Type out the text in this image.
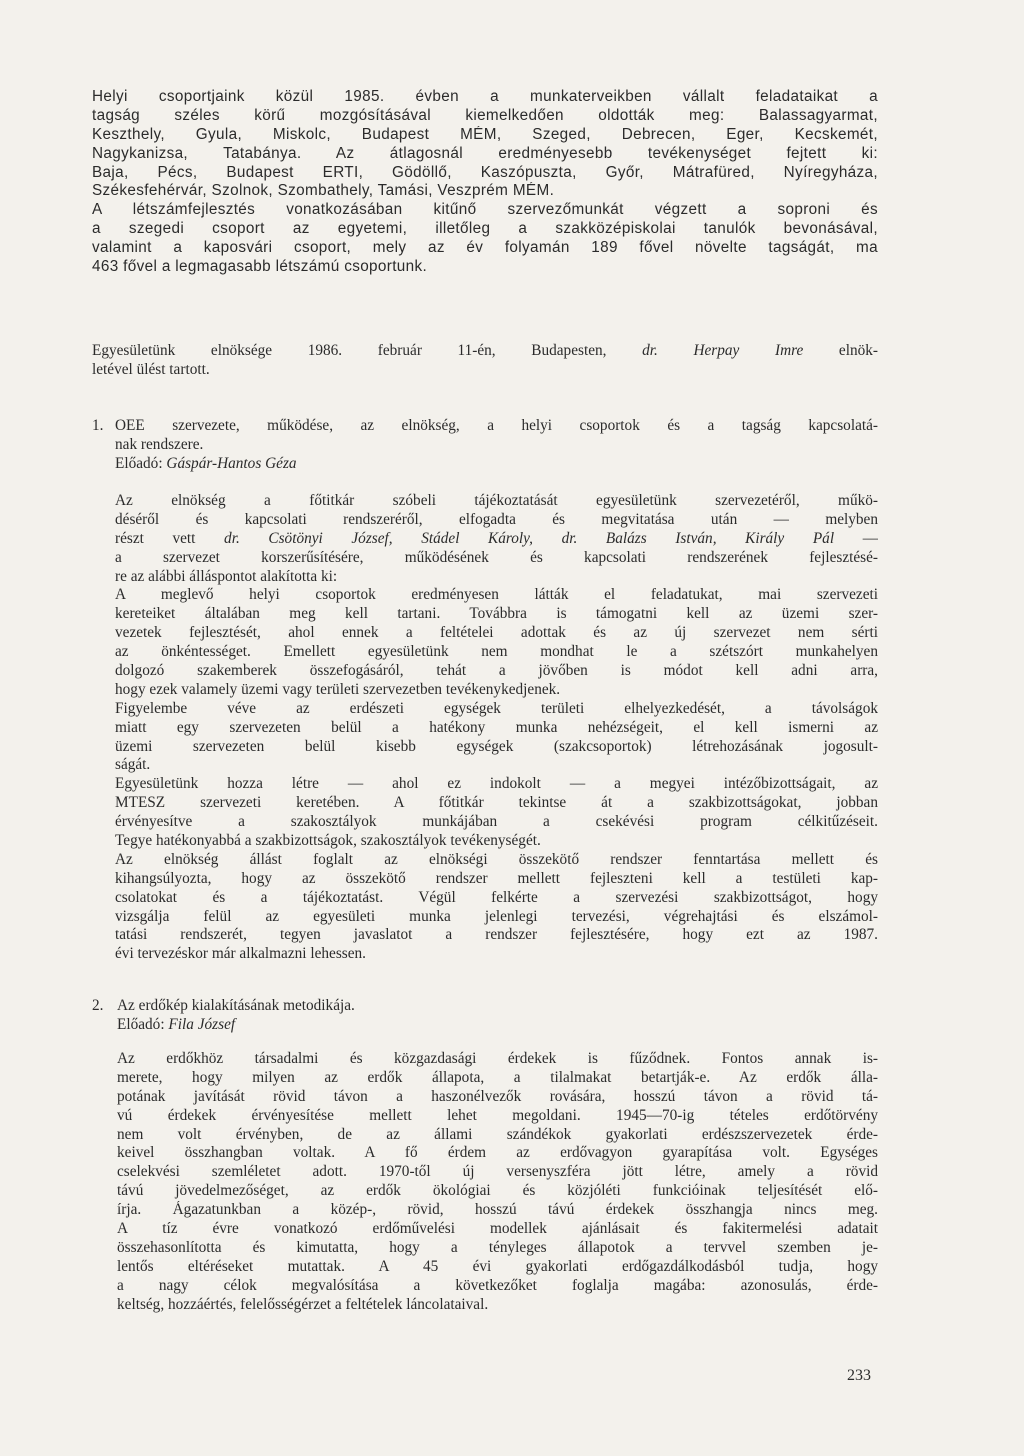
Helyi csoportjaink közül 1985. évben a munkaterveikben vállalt feladataikat a
tagság széles körű mozgósításával kiemelkedően oldották meg: Balassagyarmat,
Keszthely, Gyula, Miskolc, Budapest MÉM, Szeged, Debrecen, Eger, Kecskemét,
Nagykanizsa, Tatabánya. Az átlagosnál eredményesebb tevékenységet fejtett ki:
Baja, Pécs, Budapest ERTI, Gödöllő, Kaszópuszta, Győr, Mátrafüred, Nyíregyháza,
Székesfehérvár, Szolnok, Szombathely, Tamási, Veszprém MÉM.
A létszámfejlesztés vonatkozásában kitűnő szervezőmunkát végzett a soproni és
a szegedi csoport az egyetemi, illetőleg a szakközépiskolai tanulók bevonásával,
valamint a kaposvári csoport, mely az év folyamán 189 fővel növelte tagságát, ma
463 fővel a legmagasabb létszámú csoportunk.
Egyesületünk elnöksége 1986. február 11-én, Budapesten, dr. Herpay Imre elnök-
letével ülést tartott.
1. OEE szervezete, működése, az elnökség, a helyi csoportok és a tagság kapcsolatá-
nak rendszere.
Előadó: Gáspár-Hantos Géza
Az elnökség a főtitkár szóbeli tájékoztatását egyesületünk szervezetéről, műkö-
déséről és kapcsolati rendszeréről, elfogadta és megvitatása után — melyben
részt vett dr. Csötönyi József, Stádel Károly, dr. Balázs István, Király Pál —
a szervezet korszerűsítésére, működésének és kapcsolati rendszerének fejlesztésé-
re az alábbi álláspontot alakította ki:
A meglevő helyi csoportok eredményesen látták el feladatukat, mai szervezeti
kereteiket általában meg kell tartani. Továbbra is támogatni kell az üzemi szer-
vezetek fejlesztését, ahol ennek a feltételei adottak és az új szervezet nem sérti
az önkéntességet. Emellett egyesületünk nem mondhat le a szétszórt munkahelyen
dolgozó szakemberek összefogásáról, tehát a jövőben is módot kell adni arra,
hogy ezek valamely üzemi vagy területi szervezetben tevékenykedjenek.
Figyelembe véve az erdészeti egységek területi elhelyezkedését, a távolságok
miatt egy szervezeten belül a hatékony munka nehézségeit, el kell ismerni az
üzemi szervezeten belül kisebb egységek (szakcsoportok) létrehozásának jogosult-
ságát.
Egyesületünk hozza létre — ahol ez indokolt — a megyei intézőbizottságait, az
MTESZ szervezeti keretében. A főtitkár tekintse át a szakbizottságokat, jobban
érvényesítve a szakosztályok munkájában a csekévési program célkitűzéseit.
Tegye hatékonyabbá a szakbizottságok, szakosztályok tevékenységét.
Az elnökség állást foglalt az elnökségi összekötő rendszer fenntartása mellett és
kihangsúlyozta, hogy az összekötő rendszer mellett fejleszteni kell a testületi kap-
csolatokat és a tájékoztatást. Végül felkérte a szervezési szakbizottságot, hogy
vizsgálja felül az egyesületi munka jelenlegi tervezési, végrehajtási és elszámol-
tatási rendszerét, tegyen javaslatot a rendszer fejlesztésére, hogy ezt az 1987.
évi tervezéskor már alkalmazni lehessen.
2. Az erdőkép kialakításának metodikája.
Előadó: Fila József
Az erdőkhöz társadalmi és közgazdasági érdekek is fűződnek. Fontos annak is-
merete, hogy milyen az erdők állapota, a tilalmakat betartják-e. Az erdők álla-
potának javítását rövid távon a haszonélvezők rovására, hosszú távon a rövid tá-
vú érdekek érvényesítése mellett lehet megoldani. 1945—70-ig tételes erdőtörvény
nem volt érvényben, de az állami szándékok gyakorlati erdészszervezetek érde-
keivel összhangban voltak. A fő érdem az erdővagyon gyarapítása volt. Egységes
cselekvési szemléletet adott. 1970-től új versenyszféra jött létre, amely a rövid
távú jövedelmezőséget, az erdők ökológiai és közjóléti funkcióinak teljesítését elő-
írja. Ágazatunkban a közép-, rövid, hosszú távú érdekek összhangja nincs meg.
A tíz évre vonatkozó erdőművelési modellek ajánlásait és fakitermelési adatait
összehasonlította és kimutatta, hogy a tényleges állapotok a tervvel szemben je-
lentős eltéréseket mutattak. A 45 évi gyakorlati erdőgazdálkodásból tudja, hogy
a nagy célok megvalósítása a következőket foglalja magába: azonosulás, érde-
keltség, hozzáértés, felelősségérzet a feltételek láncolataival.
233
